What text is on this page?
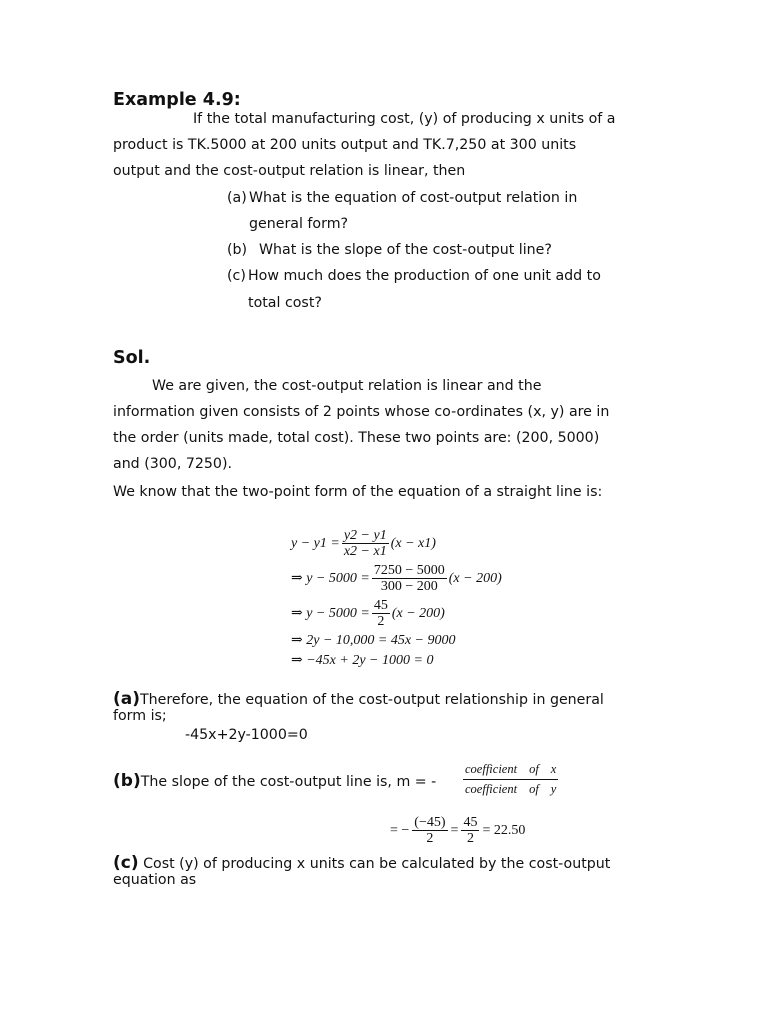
Example 4.9:
If the total manufacturing cost, (y) of producing x units of a
product is TK.5000 at 200 units output and TK.7,250 at 300 units
output and the cost-output relation is linear, then
(a) What is the equation of cost-output relation in
general form?
(b) What is the slope of the cost-output line?
(c) How much does the production of one unit add to
total cost?
Sol.
We are given, the cost-output relation is linear and the
information given consists of 2 points whose co-ordinates (x, y) are in
the order (units made, total cost). These two points are: (200, 5000)
and (300, 7250).
We know that the two-point form of the equation of a straight line is:
$y - y1 = \frac{y2 - y1}{x2 - x1} (x - x1)$
⇒ $y - 5000 = \frac{7250 - 5000}{300 - 200} (x - 200)$
⇒ $y - 5000 = \frac{45}{2} (x - 200)$
⇒ 2y − 10,000 = 45x − 9000
⇒ −45x + 2y − 1000 = 0
(a)Therefore, the equation of the cost-output relationship in general
form is;
-45x+2y-1000=0
(b)The slope of the cost-output line is, m = -
coefficient of x
coefficient of y
= − $\frac{(-45)}{2} = \frac{45}{2} = 22.50$
(c) Cost (y) of producing x units can be calculated by the cost-output
equation as
